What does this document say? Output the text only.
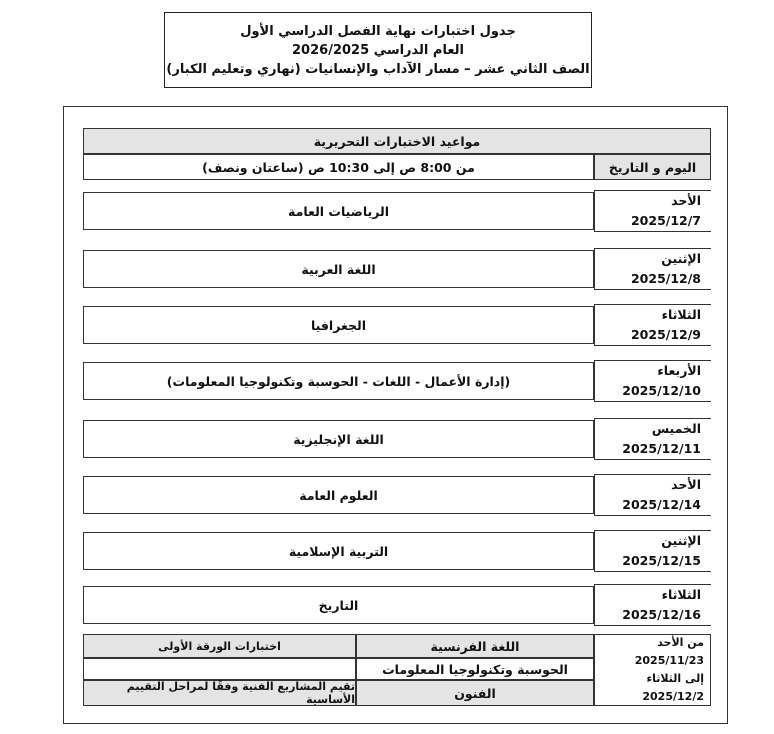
جدول اختبارات نهاية الفصل الدراسي الأول
العام الدراسي 2026/2025
الصف الثاني عشر – مسار الآداب والإنسانيات (نهاري وتعليم الكبار)
مواعيد الاختبارات التحريرية
اليوم و التاريخ
من 8:00 ص إلى 10:30 ص (ساعتان ونصف)
الأحد
2025/12/7
الرياضيات العامة
الإثنين
2025/12/8
اللغة العربية
الثلاثاء
2025/12/9
الجغرافيا
الأربعاء
2025/12/10
(إدارة الأعمال - اللغات - الحوسبة وتكنولوجيا المعلومات)
الخميس
2025/12/11
اللغة الإنجليزية
الأحد
2025/12/14
العلوم العامة
الإثنين
2025/12/15
التربية الإسلامية
الثلاثاء
2025/12/16
التاريخ
من الأحد 2025/11/23
إلى الثلاثاء 2025/12/2
اللغة الفرنسية
الحوسبة وتكنولوجيا المعلومات
الفنون
اختبارات الورقة الأولى
تقيم المشاريع الفنية وفقًا لمراحل التقييم الأساسية
